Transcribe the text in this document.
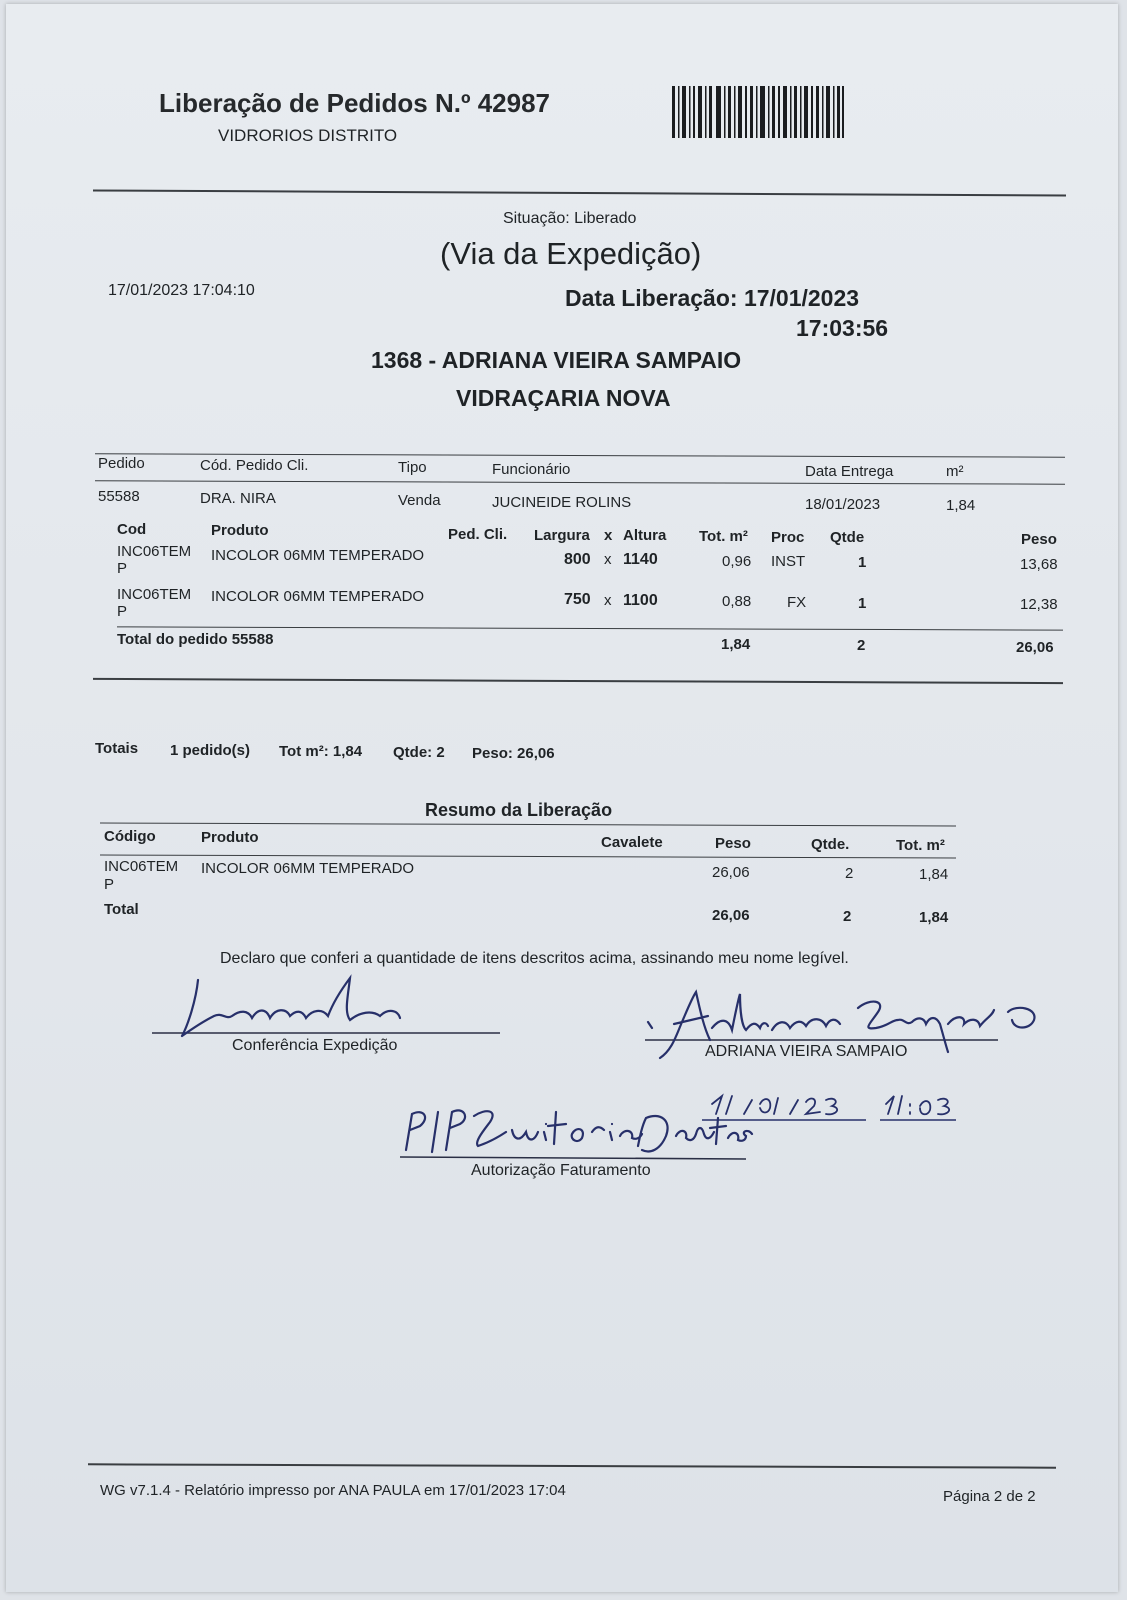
Liberação de Pedidos N.º 42987
VIDRORIOS DISTRITO
Situação: Liberado
(Via da Expedição)
17/01/2023 17:04:10	Data Liberação: 17/01/2023
17:03:56
1368 - ADRIANA VIEIRA SAMPAIO
VIDRAÇARIA NOVA
Pedido	Cód. Pedido Cli.	Tipo	Funcionário	Data Entrega	m²
55588	DRA. NIRA	Venda	JUCINEIDE ROLINS	18/01/2023	1,84
Cod	Produto	Ped. Cli. Largura x Altura Tot. m² Proc Qtde	Peso
INC06TEM
P
INCOLOR 06MM TEMPERADO	800 x 1140	0,96 INST	1	13,68
INC06TEM
P
INCOLOR 06MM TEMPERADO	750 x 1100	0,88 FX	1	12,38
Total do pedido 55588	1,84	2	26,06
Totais 1 pedido(s) Tot m²: 1,84 Qtde: 2 Peso: 26,06
Resumo da Liberação
Código	Produto	Cavalete	Peso	Qtde.	Tot. m²
INC06TEM
P
INCOLOR 06MM TEMPERADO	26,06	2	1,84
Total	26,06	2	1,84
Declaro que conferi a quantidade de itens descritos acima, assinando meu nome legível.
Conferência Expedição	ADRIANA VIEIRA SAMPAIO
Autorização Faturamento
WG v7.1.4 - Relatório impresso por ANA PAULA em 17/01/2023 17:04	Página 2 de 2
